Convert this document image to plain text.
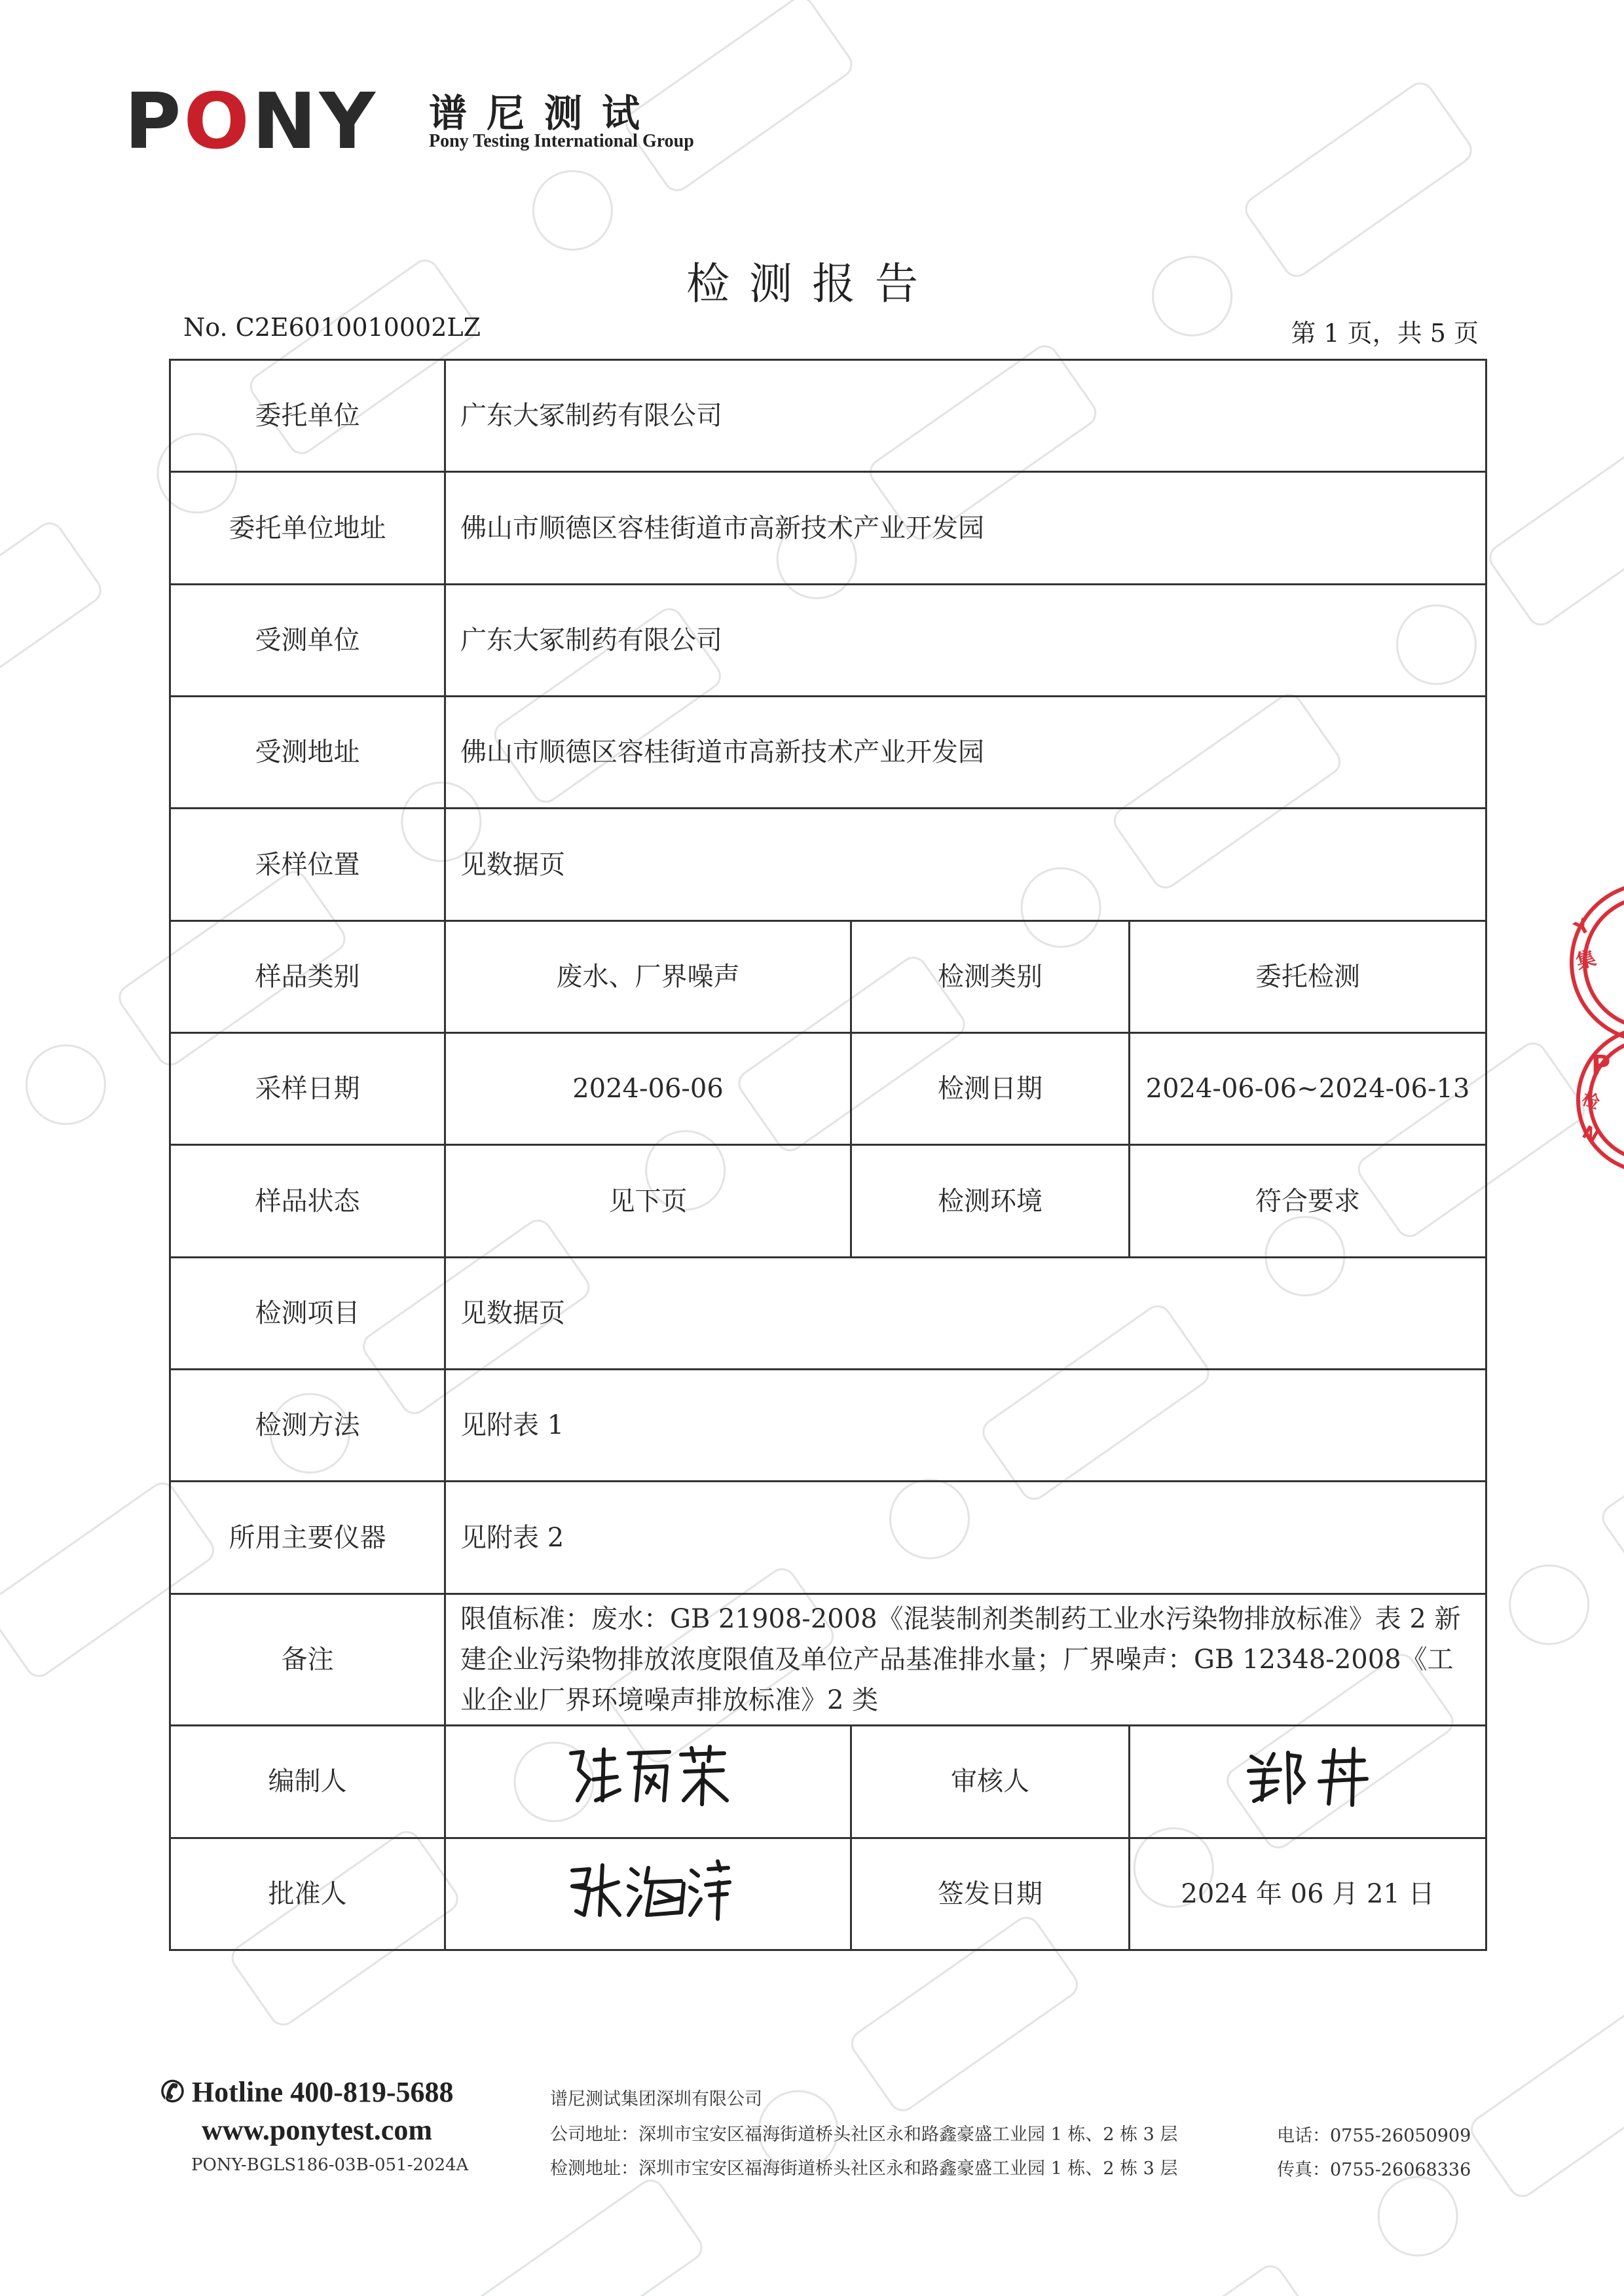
PONY 谱尼测试
Pony Testing International Group
检测报告
No. C2E6010010002LZ	第 1 页，共 5 页
委托单位	广东大冢制药有限公司		
委托单位地址	佛山市顺德区容桂街道市高新技术产业开发园		
受测单位	广东大冢制药有限公司		
受测地址	佛山市顺德区容桂街道市高新技术产业开发园		
采样位置	见数据页		
样品类别	废水、厂界噪声	检测类别	委托检测
采样日期	2024-06-06	检测日期	2024-06-06~2024-06-13
样品状态	见下页	检测环境	符合要求
检测项目	见数据页		
检测方法	见附表 1		
所用主要仪器	见附表 2		
备注	限值标准：废水：GB 21908-2008《混装制剂类制药工业水污染物排放标准》表 2 新建企业污染物排放浓度限值及单位产品基准排水量；厂界噪声：GB 12348-2008《工业企业厂界环境噪声排放标准》2 类		
编制人		审核人	
批准人		签发日期	2024 年 06 月 21 日
Y
集
P
检
N
✆ Hotline 400-819-5688
www.ponytest.com
PONY-BGLS186-03B-051-2024A
谱尼测试集团深圳有限公司
公司地址：深圳市宝安区福海街道桥头社区永和路鑫豪盛工业园 1 栋、2 栋 3 层
检测地址：深圳市宝安区福海街道桥头社区永和路鑫豪盛工业园 1 栋、2 栋 3 层
电话：0755-26050909
传真：0755-26068336
